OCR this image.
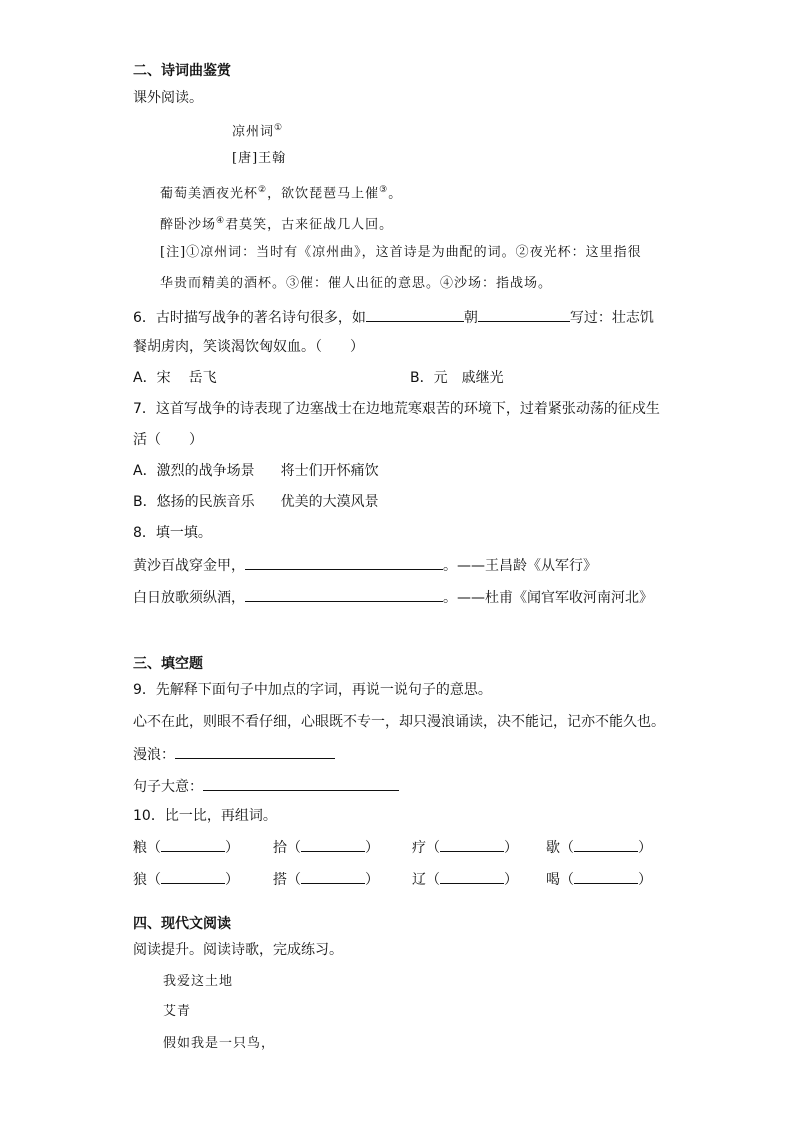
二、诗词曲鉴赏
课外阅读。
凉州词①
[唐]王翰
葡萄美酒夜光杯②，欲饮琵琶马上催③。
醉卧沙场④君莫笑，古来征战几人回。
[注]①凉州词：当时有《凉州曲》，这首诗是为曲配的词。②夜光杯：这里指很
华贵而精美的酒杯。③催：催人出征的意思。④沙场：指战场。
6．古时描写战争的著名诗句很多，如	朝	写过：壮志饥
餐胡虏肉，笑谈渴饮匈奴血。（　　）
A．宋 岳飞	B．元 戚继光
7．这首写战争的诗表现了边塞战士在边地荒寒艰苦的环境下，过着紧张动荡的征戍生
活（　　）
A．激烈的战争场景 将士们开怀痛饮
B．悠扬的民族音乐 优美的大漠风景
8．填一填。
黄沙百战穿金甲，	。——王昌龄《从军行》
白日放歌须纵酒，	。——杜甫《闻官军收河南河北》
三、填空题
9．先解释下面句子中加点的字词，再说一说句子的意思。
心不在此，则眼不看仔细，心眼既不专一，却只漫浪诵读，决不能记，记亦不能久也。
漫浪：
句子大意：
10．比一比，再组词。
粮（	） 拾（	） 疗（	） 歇（	）
狼（	） 搭（	） 辽（	） 喝（	）
四、现代文阅读
阅读提升。阅读诗歌，完成练习。
我爱这土地
艾青
假如我是一只鸟，
